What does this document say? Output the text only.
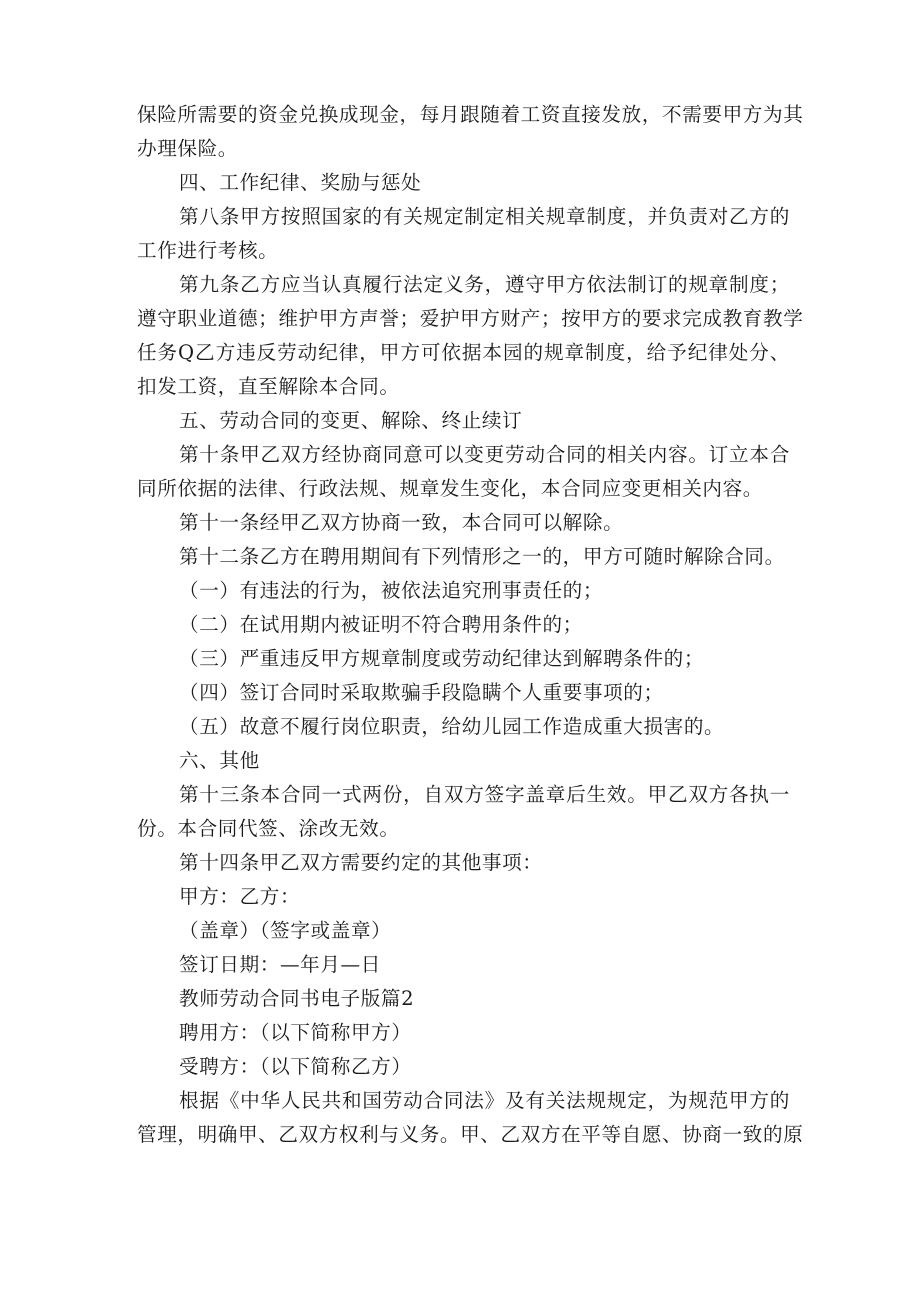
保险所需要的资金兑换成现金，每月跟随着工资直接发放，不需要甲方为其
办理保险。
四、工作纪律、奖励与惩处
第八条甲方按照国家的有关规定制定相关规章制度，并负责对乙方的
工作进行考核。
第九条乙方应当认真履行法定义务，遵守甲方依法制订的规章制度；
遵守职业道德；维护甲方声誉；爱护甲方财产；按甲方的要求完成教育教学
任务Q乙方违反劳动纪律，甲方可依据本园的规章制度，给予纪律处分、
扣发工资，直至解除本合同。
五、劳动合同的变更、解除、终止续订
第十条甲乙双方经协商同意可以变更劳动合同的相关内容。订立本合
同所依据的法律、行政法规、规章发生变化，本合同应变更相关内容。
第十一条经甲乙双方协商一致，本合同可以解除。
第十二条乙方在聘用期间有下列情形之一的，甲方可随时解除合同。
（一）有违法的行为，被依法追究刑事责任的；
（二）在试用期内被证明不符合聘用条件的；
（三）严重违反甲方规章制度或劳动纪律达到解聘条件的；
（四）签订合同时采取欺骗手段隐瞒个人重要事项的；
（五）故意不履行岗位职责，给幼儿园工作造成重大损害的。
六、其他
第十三条本合同一式两份，自双方签字盖章后生效。甲乙双方各执一
份。本合同代签、涂改无效。
第十四条甲乙双方需要约定的其他事项：
甲方：乙方：
（盖章）（签字或盖章）
签订日期：—年月—日
教师劳动合同书电子版篇2
聘用方：（以下简称甲方）
受聘方：（以下简称乙方）
根据《中华人民共和国劳动合同法》及有关法规规定，为规范甲方的
管理，明确甲、乙双方权利与义务。甲、乙双方在平等自愿、协商一致的原
